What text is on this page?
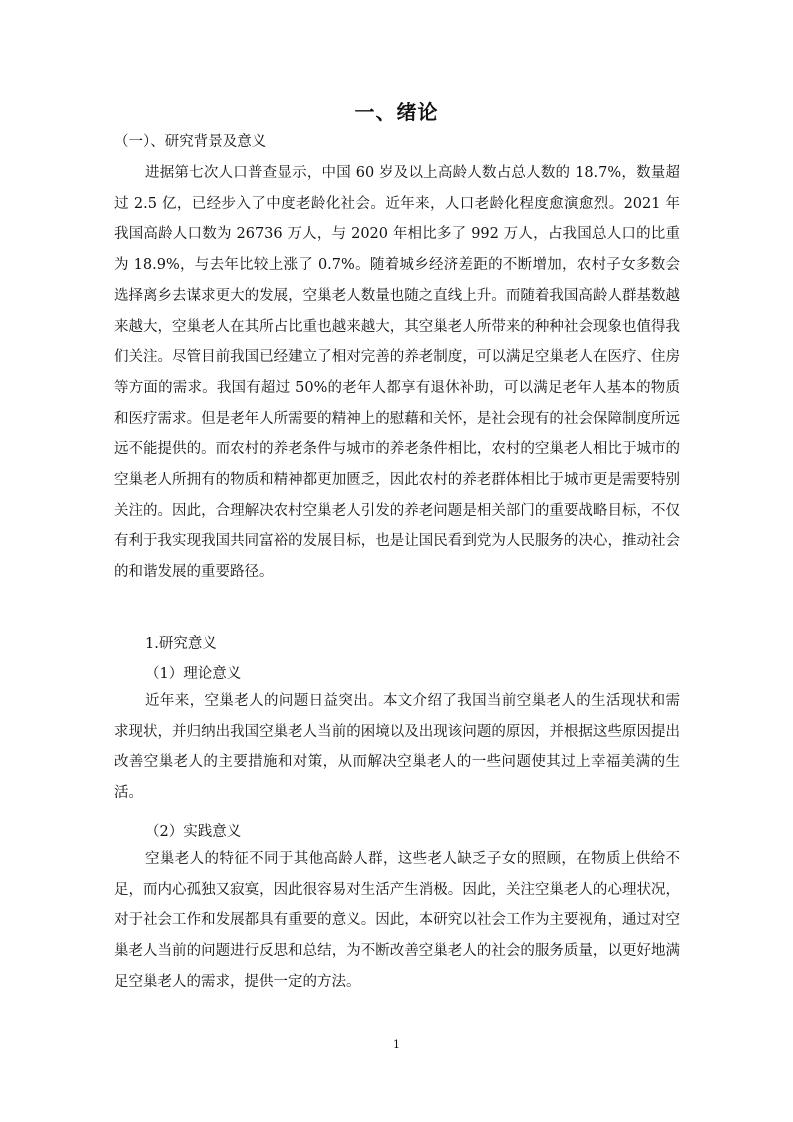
一、绪论
（一）、研究背景及意义

进据第七次人口普查显示，中国 60 岁及以上高龄人数占总人数的 18.7%，数量超过 2.5 亿，已经步入了中度老龄化社会。近年来，人口老龄化程度愈演愈烈。2021 年我国高龄人口数为 26736 万人，与 2020 年相比多了 992 万人，占我国总人口的比重为 18.9%，与去年比较上涨了 0.7%。随着城乡经济差距的不断增加，农村子女多数会选择离乡去谋求更大的发展，空巢老人数量也随之直线上升。而随着我国高龄人群基数越来越大，空巢老人在其所占比重也越来越大，其空巢老人所带来的种种社会现象也值得我们关注。尽管目前我国已经建立了相对完善的养老制度，可以满足空巢老人在医疗、住房等方面的需求。我国有超过 50%的老年人都享有退休补助，可以满足老年人基本的物质和医疗需求。但是老年人所需要的精神上的慰藉和关怀，是社会现有的社会保障制度所远远不能提供的。而农村的养老条件与城市的养老条件相比，农村的空巢老人相比于城市的空巢老人所拥有的物质和精神都更加匮乏，因此农村的养老群体相比于城市更是需要特别关注的。因此，合理解决农村空巢老人引发的养老问题是相关部门的重要战略目标，不仅有利于我实现我国共同富裕的发展目标，也是让国民看到党为人民服务的决心，推动社会的和谐发展的重要路径。

1.研究意义
（1）理论意义

近年来，空巢老人的问题日益突出。本文介绍了我国当前空巢老人的生活现状和需求现状，并归纳出我国空巢老人当前的困境以及出现该问题的原因，并根据这些原因提出改善空巢老人的主要措施和对策，从而解决空巢老人的一些问题使其过上幸福美满的生活。

（2）实践意义

空巢老人的特征不同于其他高龄人群，这些老人缺乏子女的照顾，在物质上供给不足，而内心孤独又寂寞，因此很容易对生活产生消极。因此，关注空巢老人的心理状况，对于社会工作和发展都具有重要的意义。因此，本研究以社会工作为主要视角，通过对空巢老人当前的问题进行反思和总结，为不断改善空巢老人的社会的服务质量，以更好地满足空巢老人的需求，提供一定的方法。

1
